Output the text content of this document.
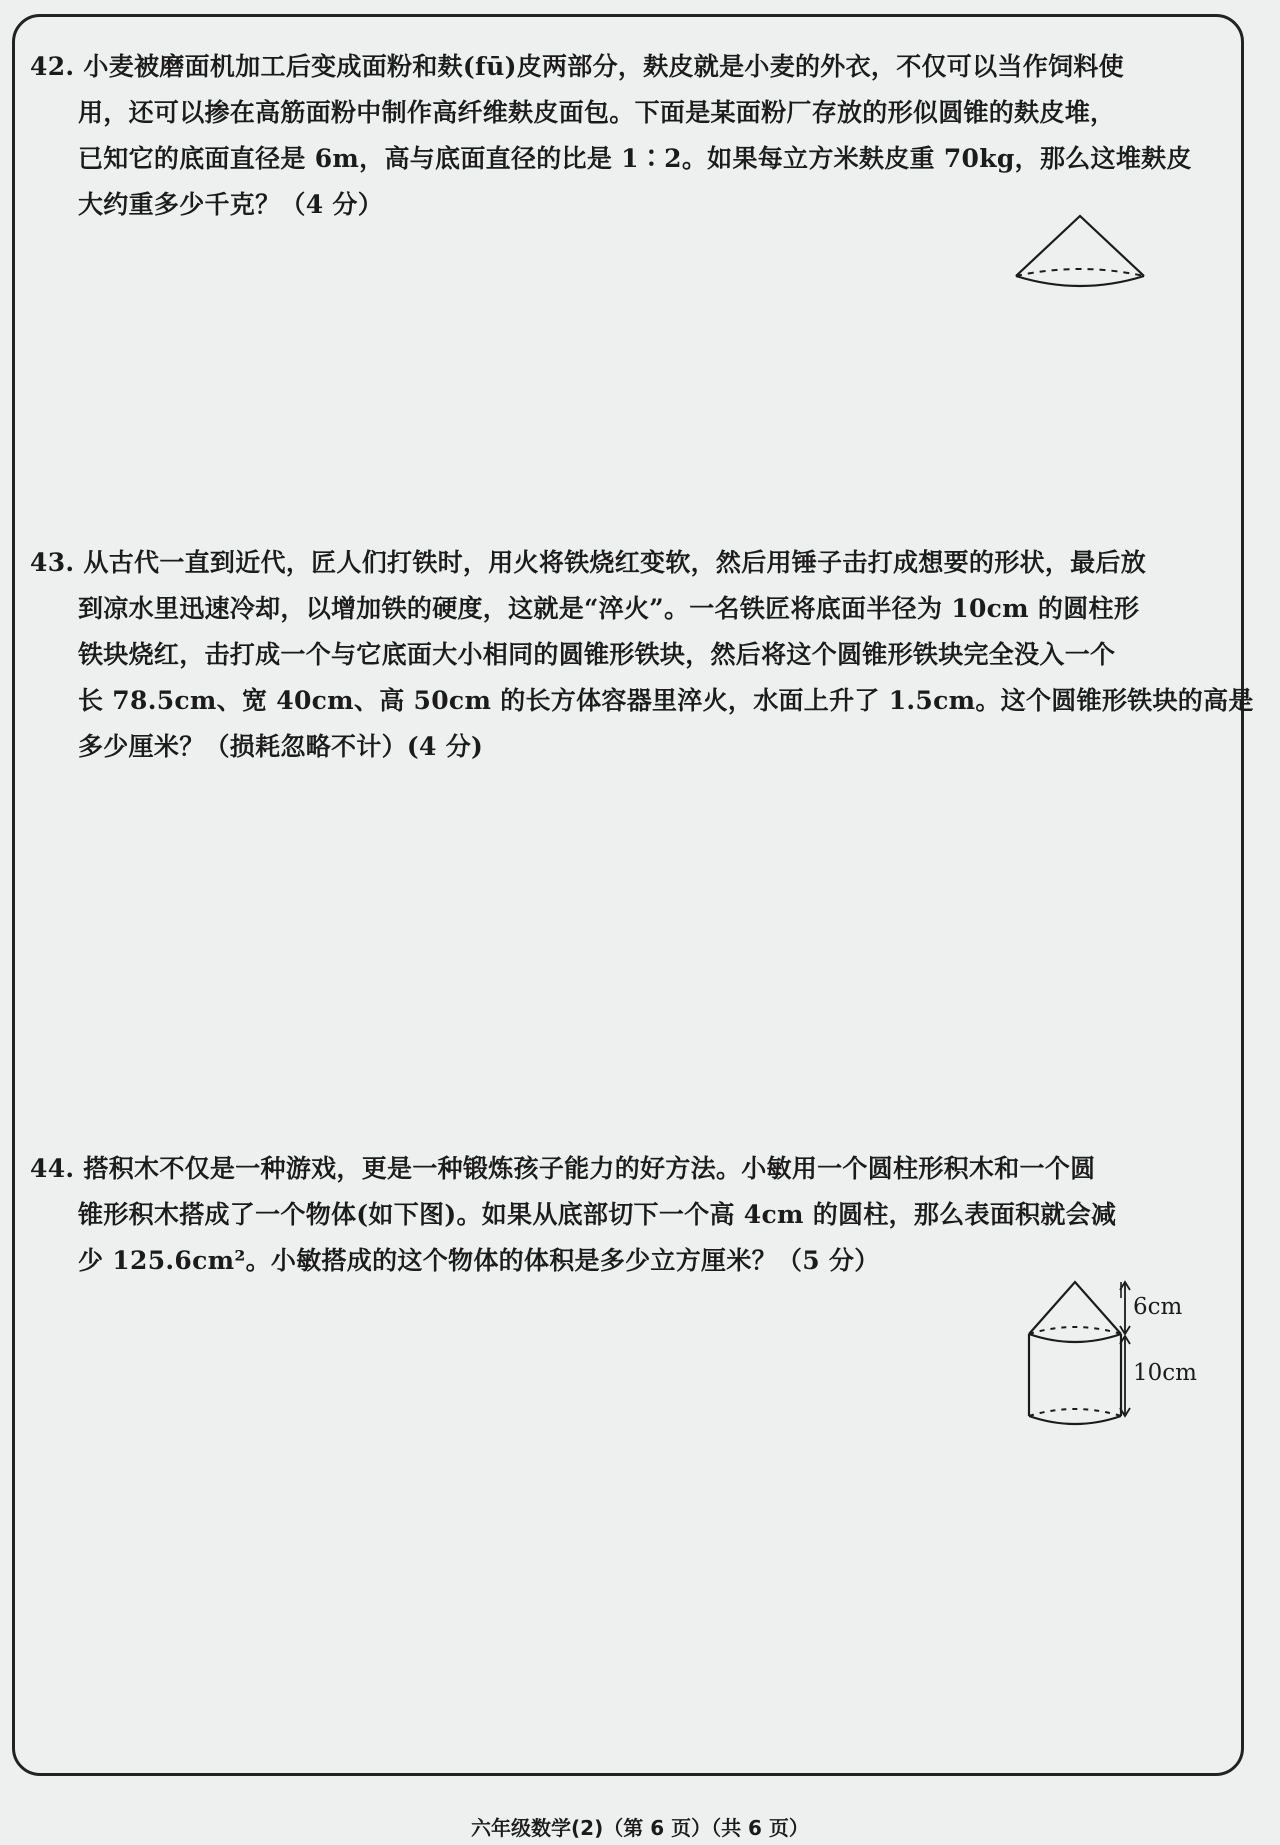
42. 小麦被磨面机加工后变成面粉和麸(fū)皮两部分，麸皮就是小麦的外衣，不仅可以当作饲料使
用，还可以掺在高筋面粉中制作高纤维麸皮面包。下面是某面粉厂存放的形似圆锥的麸皮堆，
已知它的底面直径是 6m，高与底面直径的比是 1∶2。如果每立方米麸皮重 70kg，那么这堆麸皮
大约重多少千克？（4 分）
43. 从古代一直到近代，匠人们打铁时，用火将铁烧红变软，然后用锤子击打成想要的形状，最后放
到凉水里迅速冷却，以增加铁的硬度，这就是“淬火”。一名铁匠将底面半径为 10cm 的圆柱形
铁块烧红，击打成一个与它底面大小相同的圆锥形铁块，然后将这个圆锥形铁块完全没入一个
长 78.5cm、宽 40cm、高 50cm 的长方体容器里淬火，水面上升了 1.5cm。这个圆锥形铁块的高是
多少厘米？（损耗忽略不计）(4 分)
44. 搭积木不仅是一种游戏，更是一种锻炼孩子能力的好方法。小敏用一个圆柱形积木和一个圆
锥形积木搭成了一个物体(如下图)。如果从底部切下一个高 4cm 的圆柱，那么表面积就会减
少 125.6cm²。小敏搭成的这个物体的体积是多少立方厘米？（5 分）
6cm
10cm
六年级数学(2)（第 6 页）（共 6 页）
